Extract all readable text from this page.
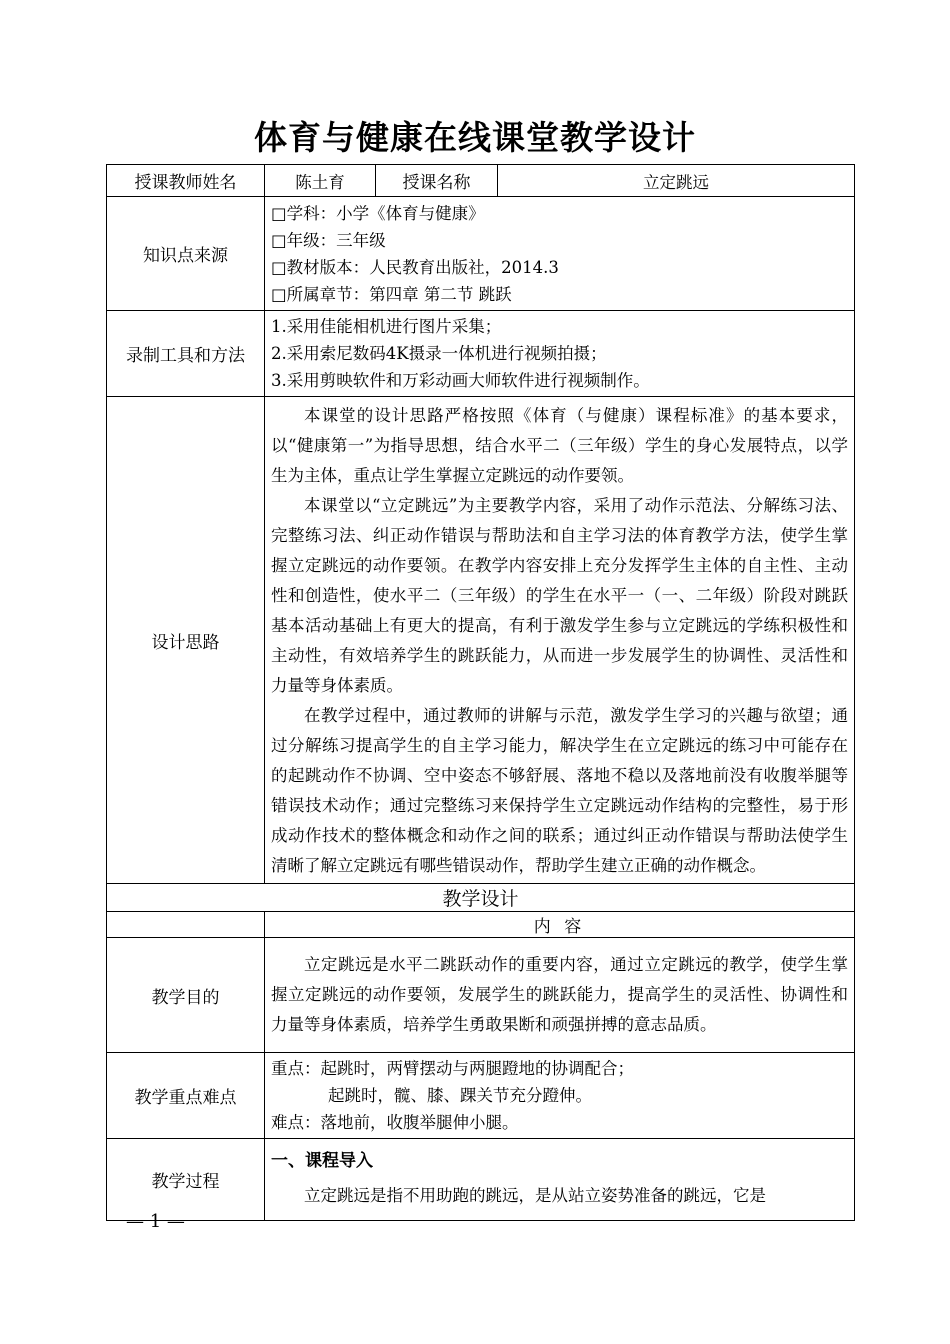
体育与健康在线课堂教学设计
授课教师姓名	陈土育	授课名称	立定跳远
知识点来源	□学科：小学《体育与健康》
□年级：三年级
□教材版本：人民教育出版社，2014.3
□所属章节：第四章 第二节 跳跃		

录制工具和方法	1.采用佳能相机进行图片采集；
2.采用索尼数码4K摄录一体机进行视频拍摄；
3.采用剪映软件和万彩动画大师软件进行视频制作。		

设计思路	本课堂的设计思路严格按照《体育（与健康）课程标准》的基本要求，以“健康第一”为指导思想，结合水平二（三年级）学生的身心发展特点，以学生为主体，重点让学生掌握立定跳远的动作要领。
本课堂以“立定跳远”为主要教学内容，采用了动作示范法、分解练习法、完整练习法、纠正动作错误与帮助法和自主学习法的体育教学方法，使学生掌握立定跳远的动作要领。在教学内容安排上充分发挥学生主体的自主性、主动性和创造性，使水平二（三年级）的学生在水平一（一、二年级）阶段对跳跃基本活动基础上有更大的提高，有利于激发学生参与立定跳远的学练积极性和主动性，有效培养学生的跳跃能力，从而进一步发展学生的协调性、灵活性和力量等身体素质。
在教学过程中，通过教师的讲解与示范，激发学生学习的兴趣与欲望；通过分解练习提高学生的自主学习能力，解决学生在立定跳远的练习中可能存在的起跳动作不协调、空中姿态不够舒展、落地不稳以及落地前没有收腹举腿等错误技术动作；通过完整练习来保持学生立定跳远动作结构的完整性，易于形成动作技术的整体概念和动作之间的联系；通过纠正动作错误与帮助法使学生清晰了解立定跳远有哪些错误动作，帮助学生建立正确的动作概念。		

教学设计			
	内 容		
教学目的	立定跳远是水平二跳跃动作的重要内容，通过立定跳远的教学，使学生掌握立定跳远的动作要领，发展学生的跳跃能力，提高学生的灵活性、协调性和力量等身体素质，培养学生勇敢果断和顽强拼搏的意志品质。		

教学重点难点	重点：起跳时，两臂摆动与两腿蹬地的协调配合；
起跳时，髋、膝、踝关节充分蹬伸。
难点：落地前，收腹举腿伸小腿。		

教学过程	一、课程导入
立定跳远是指不用助跑的跳远，是从站立姿势准备的跳远，它是		
— 1 —
